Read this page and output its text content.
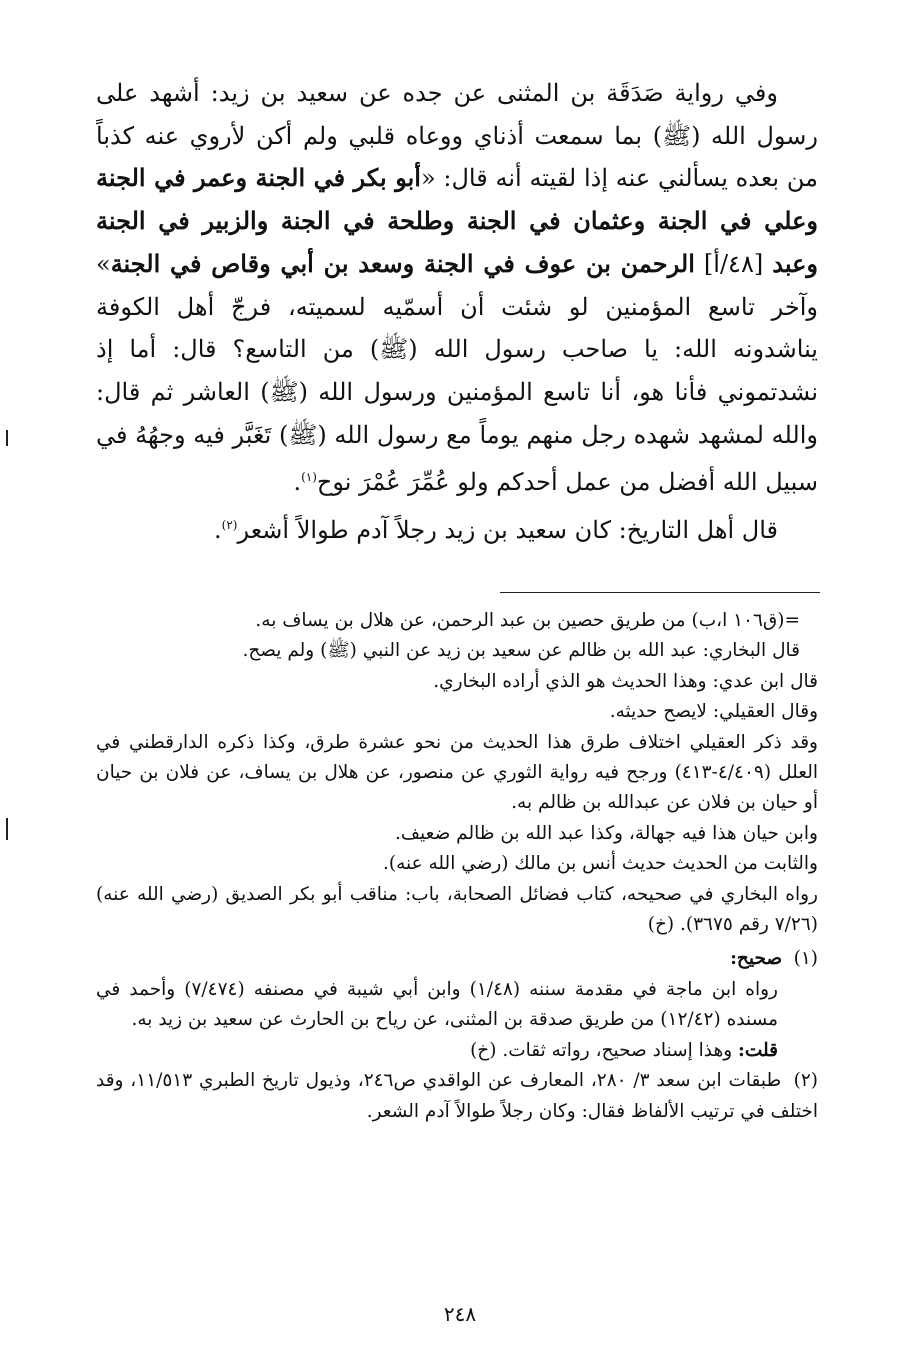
وفي رواية صَدَقَة بن المثنى عن جده عن سعيد بن زيد: أشهد على رسول الله (ﷺ) بما سمعت أذناي ووعاه قلبي ولم أكن لأروي عنه كذباً من بعده يسألني عنه إذا لقيته أنه قال: «أبو بكر في الجنة وعمر في الجنة وعلي في الجنة وعثمان في الجنة وطلحة في الجنة والزبير في الجنة وعبد [٤٨/أ] الرحمن بن عوف في الجنة وسعد بن أبي وقاص في الجنة» وآخر تاسع المؤمنين لو شئت أن أسمّيه لسميته، فرجّ أهل الكوفة يناشدونه الله: يا صاحب رسول الله (ﷺ) من التاسع؟ قال: أما إذ نشدتموني فأنا هو، أنا تاسع المؤمنين ورسول الله (ﷺ) العاشر ثم قال: والله لمشهد شهده رجل منهم يوماً مع رسول الله (ﷺ) تَغَبَّر فيه وجهُهُ في سبيل الله أفضل من عمل أحدكم ولو عُمِّرَ عُمْرَ نوح$^{(١)}$.

قال أهل التاريخ: كان سعيد بن زيد رجلاً آدم طوالاً أشعر$^{(٢)}$.

=(ق١٠٦ ا،ب) من طريق حصين بن عبد الرحمن، عن هلال بن يساف به.

قال البخاري: عبد الله بن ظالم عن سعيد بن زيد عن النبي (ﷺ) ولم يصح.

قال ابن عدي: وهذا الحديث هو الذي أراده البخاري.

وقال العقيلي: لايصح حديثه.

وقد ذكر العقيلي اختلاف طرق هذا الحديث من نحو عشرة طرق، وكذا ذكره الدارقطني في العلل (٤/٤٠٩-٤١٣) ورجح فيه رواية الثوري عن منصور، عن هلال بن يساف، عن فلان بن حيان أو حيان بن فلان عن عبدالله بن ظالم به.

وابن حيان هذا فيه جهالة، وكذا عبد الله بن ظالم ضعيف.

والثابت من الحديث حديث أنس بن مالك (رضي الله عنه).

رواه البخاري في صحيحه، كتاب فضائل الصحابة، باب: مناقب أبو بكر الصديق (رضي الله عنه) (٧/٢٦ رقم ٣٦٧٥). (خ)

(١) صحيح:

رواه ابن ماجة في مقدمة سننه (١/٤٨) وابن أبي شيبة في مصنفه (٧/٤٧٤) وأحمد في مسنده (١٢/٤٢) من طريق صدقة بن المثنى، عن رياح بن الحارث عن سعيد بن زيد به.

قلت: وهذا إسناد صحيح، رواته ثقات. (خ)

(٢) طبقات ابن سعد ٣/ ٢٨٠، المعارف عن الواقدي ص٢٤٦، وذيول تاريخ الطبري ١١/٥١٣، وقد اختلف في ترتيب الألفاظ فقال: وكان رجلاً طوالاً آدم الشعر.

٢٤٨
